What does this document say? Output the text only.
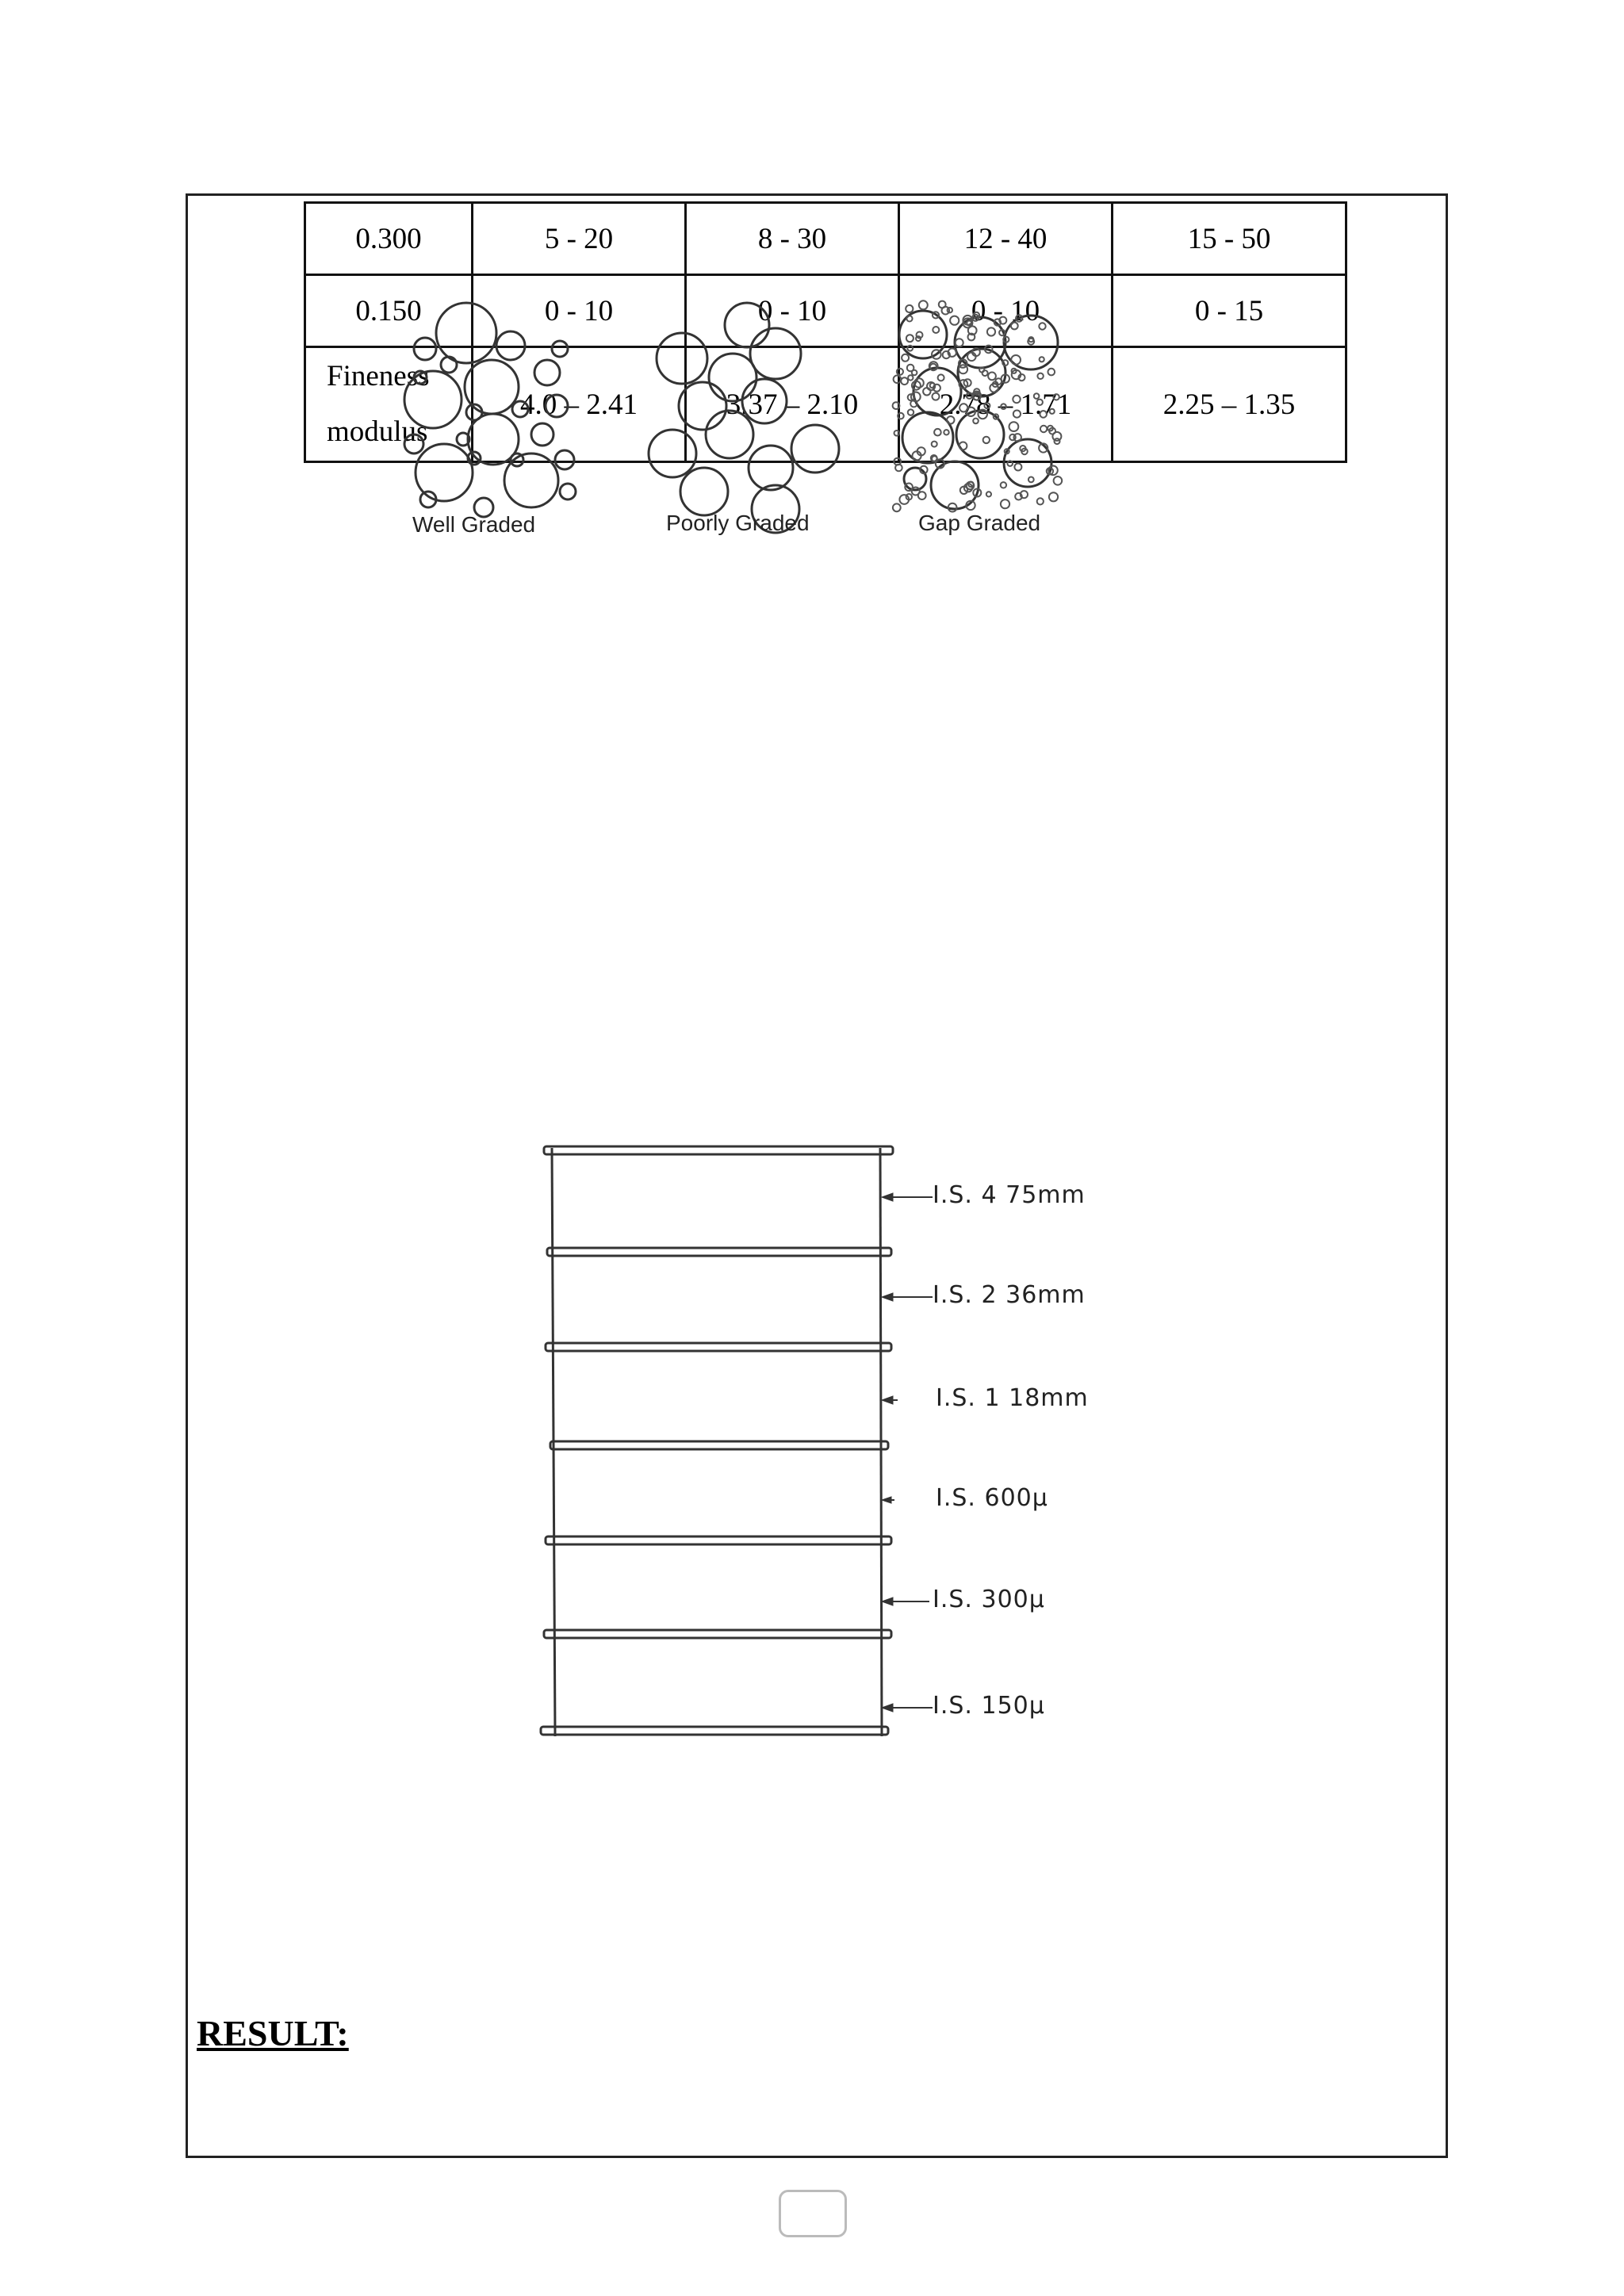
0.300	5 - 20	8 - 30	12 - 40	15 - 50
0.150	0 - 10	0 - 10	0 - 10	0 - 15

Fineness
modulus	4.0 – 2.41	3.37 – 2.10	2.78 – 1.71	2.25 – 1.35
Well Graded	Poorly Graded	Gap Graded
I.S. 4 75mm
I.S. 2 36mm
I.S. 1 18mm
I.S. 600µ
I.S. 300µ
I.S. 150µ
RESULT:
